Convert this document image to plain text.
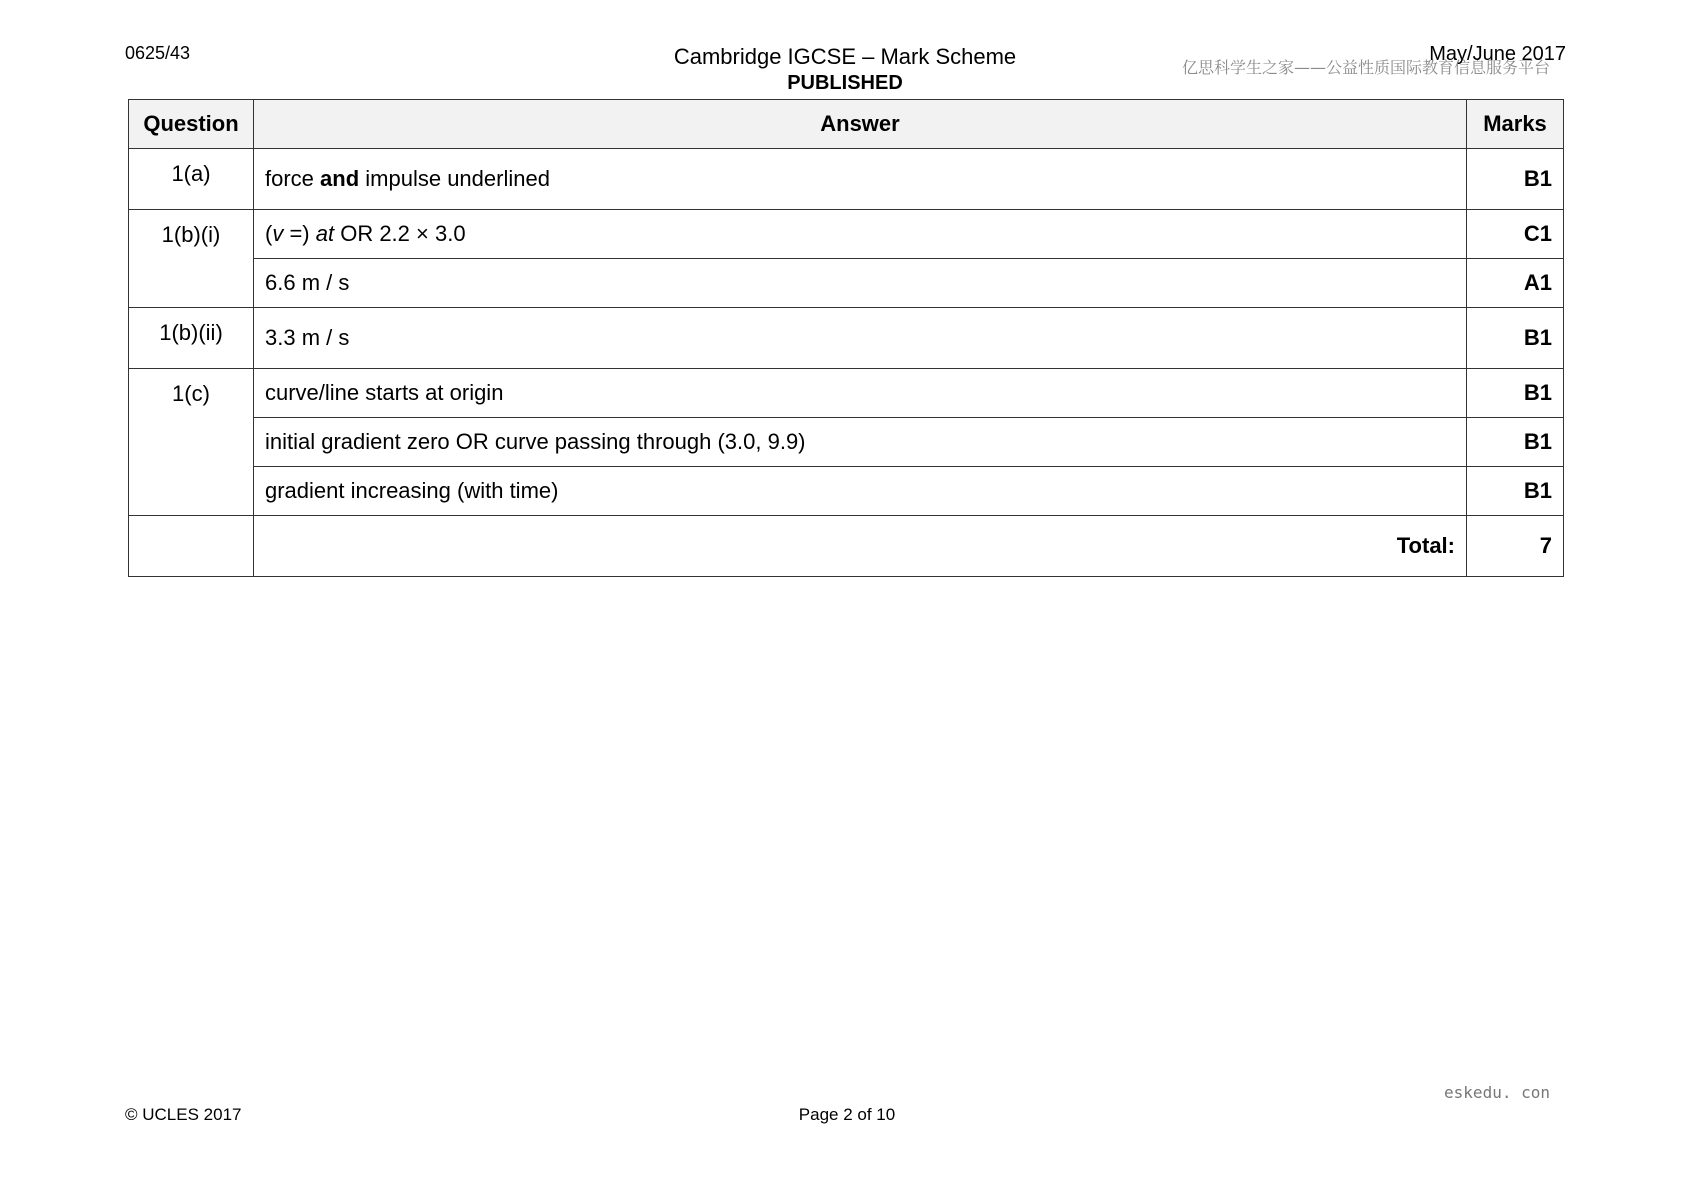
0625/43	Cambridge IGCSE – Mark Scheme
PUBLISHED
亿思科学生之家——公益性质国际教育信息服务平台
May/June 2017
Question	Answer	Marks
1(a)	force and impulse underlined	B1
1(b)(i)	(v =) at OR 2.2 × 3.0	C1
	6.6 m / s	A1
1(b)(ii)	3.3 m / s	B1
1(c)	curve/line starts at origin	B1
	initial gradient zero OR curve passing through (3.0, 9.9)	B1
	gradient increasing (with time)	B1
	Total:	7
eskedu. con
© UCLES 2017	Page 2 of 10
